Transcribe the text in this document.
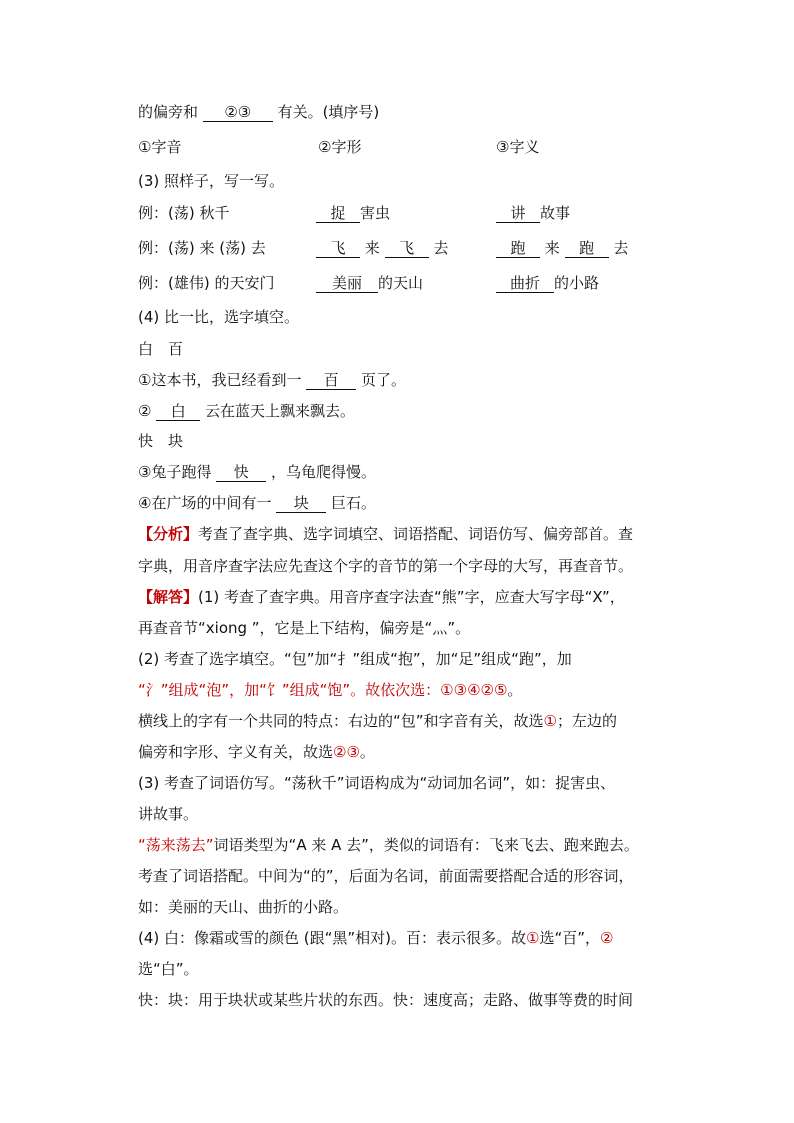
的偏旁和 ②③ 有关。(填序号)
①字音	②字形	③字义
(3) 照样子，写一写。
例：(荡) 秋千	捉 害虫	讲 故事
例：(荡) 来 (荡) 去	飞 来 飞 去	跑 来 跑 去
例：(雄伟) 的天安门	美丽 的天山	曲折 的小路
(4) 比一比，选字填空。
白　百
①这本书，我已经看到一 百 页了。
② 白 云在蓝天上飘来飘去。
快　块
③兔子跑得 快 ，乌龟爬得慢。
④在广场的中间有一 块 巨石。
【分析】考查了查字典、选字词填空、词语搭配、词语仿写、偏旁部首。查
字典，用音序查字法应先查这个字的音节的第一个字母的大写，再查音节。
【解答】(1) 考查了查字典。用音序查字法查“熊”字，应查大写字母“X”，
再查音节“xiong ”，它是上下结构，偏旁是“灬”。
(2) 考查了选字填空。“包”加“扌”组成“抱”，加“足”组成“跑”，加
“氵”组成“泡”，加“饣”组成“饱”。故依次选：①③④②⑤。
横线上的字有一个共同的特点：右边的“包”和字音有关，故选①；左边的
偏旁和字形、字义有关，故选②③。
(3) 考查了词语仿写。“荡秋千”词语构成为“动词加名词”，如：捉害虫、
讲故事。
“荡来荡去”词语类型为“A 来 A 去”，类似的词语有：飞来飞去、跑来跑去。
考查了词语搭配。中间为“的”，后面为名词，前面需要搭配合适的形容词，
如：美丽的天山、曲折的小路。
(4) 白：像霜或雪的颜色 (跟“黑”相对)。百：表示很多。故①选“百”，②
选“白”。
快：块：用于块状或某些片状的东西。快：速度高；走路、做事等费的时间
